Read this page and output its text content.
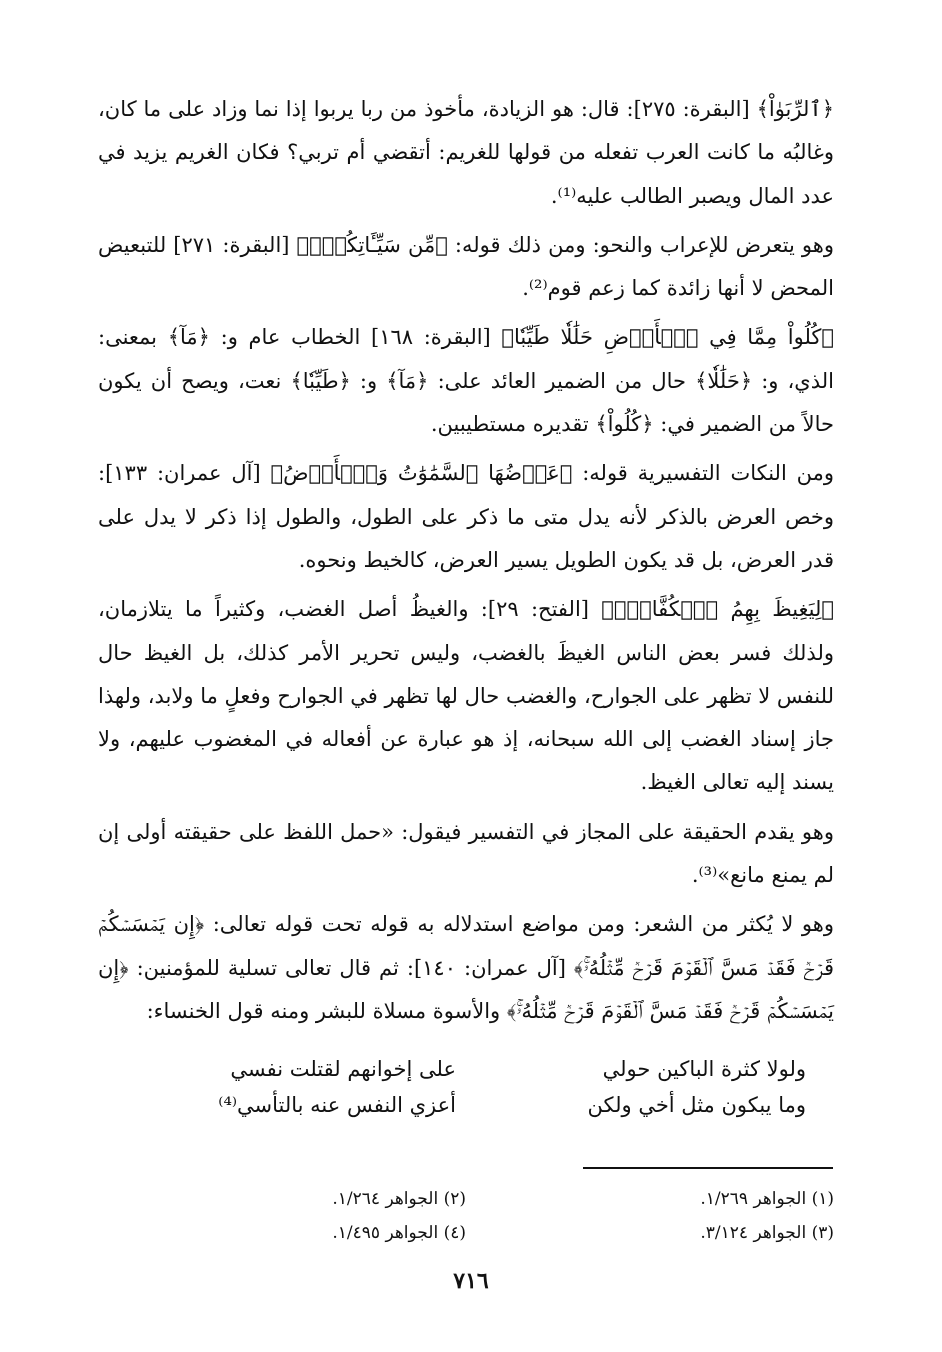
﴿ٱلرِّبَوٰاْ﴾ [البقرة: ٢٧٥]: قال: هو الزيادة، مأخوذ من ربا يربوا إذا نما وزاد على ما كان، وغالبُه ما كانت العرب تفعله من قولها للغريم: أتقضي أم تربي؟ فكان الغريم يزيد في عدد المال ويصبر الطالب عليه⁽¹⁾.

وهو يتعرض للإعراب والنحو: ومن ذلك قوله: ﴿مِّن سَيِّـَٔاتِكُمۡۗ﴾ [البقرة: ٢٧١] للتبعيض المحض لا أنها زائدة كما زعم قوم⁽²⁾.

﴿كُلُواْ مِمَّا فِي ٱلۡأَرۡضِ حَلَٰلٗا طَيِّبٗا﴾ [البقرة: ١٦٨] الخطاب عام و: ﴿مَآ﴾ بمعنى: الذي، و: ﴿حَلَٰلٗا﴾ حال من الضمير العائد على: ﴿مَآ﴾ و: ﴿طَيِّبٗا﴾ نعت، ويصح أن يكون حالاً من الضمير في: ﴿كُلُواْ﴾ تقديره مستطيبين.

ومن النكات التفسيرية قوله: ﴿عَرۡضُهَا ٱلسَّمَٰوَٰتُ وَٱلۡأَرۡضُ﴾ [آل عمران: ١٣٣]: وخص العرض بالذكر لأنه يدل متى ما ذكر على الطول، والطول إذا ذكر لا يدل على قدر العرض، بل قد يكون الطويل يسير العرض، كالخيط ونحوه.

﴿لِيَغِيظَ بِهِمُ ٱلۡكُفَّارَۗ﴾ [الفتح: ٢٩]: والغيظُ أصل الغضب، وكثيراً ما يتلازمان، ولذلك فسر بعض الناس الغيظَ بالغضب، وليس تحرير الأمر كذلك، بل الغيظ حال للنفس لا تظهر على الجوارح، والغضب حال لها تظهر في الجوارح وفعلٍ ما ولابد، ولهذا جاز إسناد الغضب إلى الله سبحانه، إذ هو عبارة عن أفعاله في المغضوب عليهم، ولا يسند إليه تعالى الغيظ.

وهو يقدم الحقيقة على المجاز في التفسير فيقول: «حمل اللفظ على حقيقته أولى إن لم يمنع مانع»⁽³⁾.

وهو لا يُكثر من الشعر: ومن مواضع استدلاله به قوله تحت قوله تعالى: ﴿إِن يَمۡسَسۡكُمۡ قَرۡحٞ فَقَدۡ مَسَّ ٱلۡقَوۡمَ قَرۡحٞ مِّثۡلُهُۥۚ﴾ [آل عمران: ١٤٠]: ثم قال تعالى تسلية للمؤمنين: ﴿إِن يَمۡسَسۡكُمۡ قَرۡحٞ فَقَدۡ مَسَّ ٱلۡقَوۡمَ قَرۡحٞ مِّثۡلُهُۥۚ﴾ والأسوة مسلاة للبشر ومنه قول الخنساء:

ولولا كثرة الباكين حولي
على إخوانهم لقتلت نفسي
وما يبكون مثل أخي ولكن
أعزي النفس عنه بالتأسي⁽⁴⁾
(١) الجواهر ١/٢٦٩.
(٢) الجواهر ١/٢٦٤.
(٣) الجواهر ٣/١٢٤.
(٤) الجواهر ١/٤٩٥.
٧١٦
